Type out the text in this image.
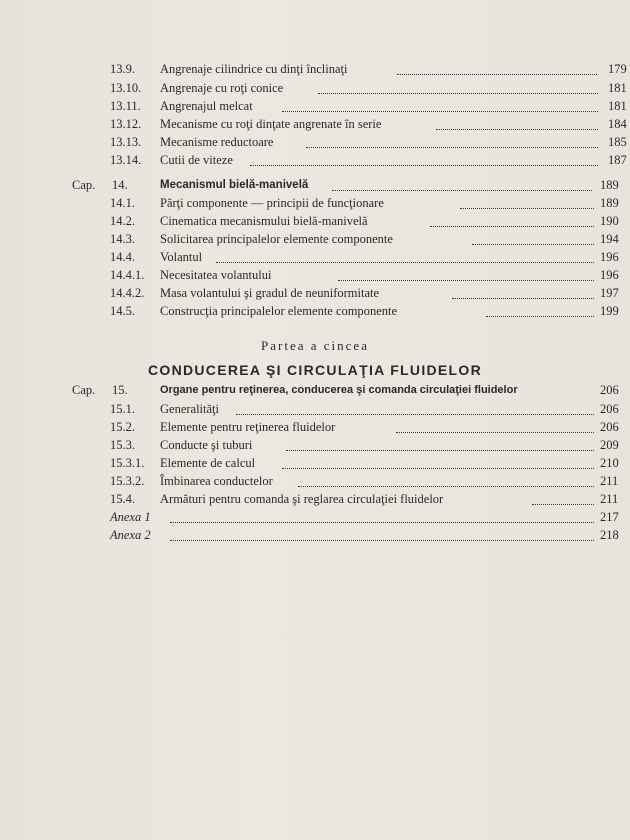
13.9. Angrenaje cilindrice cu dinţi înclinaţi	179
13.10. Angrenaje cu roţi conice	181
13.11. Angrenajul melcat	181
13.12. Mecanisme cu roţi dinţate angrenate în serie	184
13.13. Mecanisme reductoare	185
13.14. Cutii de viteze	187
Cap. 14.	Mecanismul bielă-manivelă	189
14.1. Părţi componente — principii de funcţionare	189
14.2. Cinematica mecanismului bielă-manivelă	190
14.3. Solicitarea principalelor elemente componente	194
14.4. Volantul	196
14.4.1. Necesitatea volantului	196
14.4.2. Masa volantului şi gradul de neuniformitate	197
14.5. Construcţia principalelor elemente componente	199
Partea a cincea
CONDUCEREA ŞI CIRCULAŢIA FLUIDELOR
Cap. 15.	Organe pentru reţinerea, conducerea şi comanda circulaţiei fluidelor	206
15.1. Generalităţi	206
15.2. Elemente pentru reţinerea fluidelor	206
15.3. Conducte şi tuburi	209
15.3.1. Elemente de calcul	210
15.3.2. Îmbinarea conductelor	211
15.4. Armături pentru comanda şi reglarea circulaţiei fluidelor	211
Anexa 1	217
Anexa 2	218
